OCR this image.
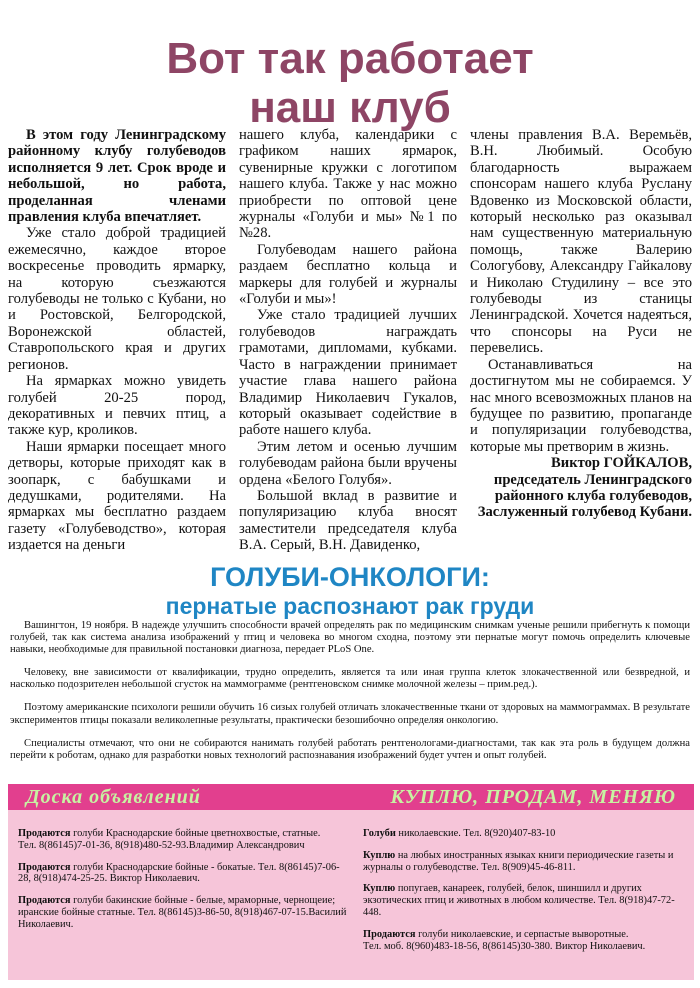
Вот так работает
наш клуб

В этом году Ленинградскому районному клубу голубеводов исполняется 9 лет. Срок вроде и небольшой, но работа, проделанная членами правления клуба впечатляет.

Уже стало доброй традицией ежемесячно, каждое второе воскресенье проводить ярмарку, на которую съезжаются голубеводы не только с Кубани, но и Ростовской, Белгородской, Воронежской областей, Ставропольского края и других регионов.

На ярмарках можно увидеть голубей 20-25 пород, декоративных и певчих птиц, а также кур, кроликов.

Наши ярмарки посещает много детворы, которые приходят как в зоопарк, с бабушками и дедушками, родителями. На ярмарках мы бесплатно раздаем газету «Голубеводство», которая издается на деньги

нашего клуба, календарики с графиком наших ярмарок, сувенирные кружки с логотипом нашего клуба. Также у нас можно приобрести по оптовой цене журналы «Голуби и мы» №1 по №28.

Голубеводам нашего района раздаем бесплатно кольца и маркеры для голубей и журналы «Голуби и мы»!

Уже стало традицией лучших голубеводов награждать грамотами, дипломами, кубками. Часто в награждении принимает участие глава нашего района Владимир Николаевич Гукалов, который оказывает содействие в работе нашего клуба.

Этим летом и осенью лучшим голубеводам района были вручены ордена «Белого Голубя».

Большой вклад в развитие и популяризацию клуба вносят заместители председателя клуба В.А. Серый, В.Н. Давиденко,

члены правления В.А. Веремьёв, В.Н. Любимый. Особую благодарность выражаем спонсорам нашего клуба Руслану Вдовенко из Московской области, который несколько раз оказывал нам существенную материальную помощь, также Валерию Сологубову, Александру Гайкалову и Николаю Студилину – все это голубеводы из станицы Ленинградской. Хочется надеяться, что спонсоры на Руси не перевелись.

Останавливаться на достигнутом мы не собираемся. У нас много всевозможных планов на будущее по развитию, пропаганде и популяризации голубеводства, которые мы претворим в жизнь.

Виктор ГОЙКАЛОВ,

председатель Ленинградского районного клуба голубеводов, Заслуженный голубевод Кубани.

ГОЛУБИ-ОНКОЛОГИ:
пернатые распознают рак груди

Вашингтон, 19 ноября. В надежде улучшить способности врачей определять рак по медицинским снимкам ученые решили прибегнуть к помощи голубей, так как система анализа изображений у птиц и человека во многом сходна, поэтому эти пернатые могут помочь определить ключевые навыки, необходимые для правильной постановки диагноза, передает PLoS One.

Человеку, вне зависимости от квалификации, трудно определить, является та или иная группа клеток злокачественной или безвредной, и насколько подозрителен небольшой сгусток на маммограмме (рентгеновском снимке молочной железы – прим.ред.).

Поэтому американские психологи решили обучить 16 сизых голубей отличать злокачественные ткани от здоровых на маммограммах. В результате экспериментов птицы показали великолепные результаты, практически безошибочно определяя онкологию.

Специалисты отмечают, что они не собираются нанимать голубей работать рентгенологами-диагностами, так как эта роль в будущем должна перейти к роботам, однако для разработки новых технологий распознавания изображений будет учтен и опыт голубей.

Доска объявлений	КУПЛЮ, ПРОДАМ, МЕНЯЮ
Продаются голуби Краснодарские бойные цветнохвостые, статные.
Тел. 8(86145)7-01-36, 8(918)480-52-93.Владимир Александрович
Продаются голуби Краснодарские бойные - бокатые. Тел. 8(86145)7-06-28, 8(918)474-25-25. Виктор Николаевич.
Продаются голуби бакинские бойные - белые, мраморные, чернощеие; иранские бойные статные. Тел. 8(86145)3-86-50, 8(918)467-07-15.Василий Николаевич.
Голуби николаевские. Тел. 8(920)407-83-10
Куплю на любых иностранных языках книги периодические газеты и журналы о голубеводстве. Тел. 8(909)45-46-811.
Куплю попугаев, канареек, голубей, белок, шиншилл и других экзотических птиц и животных в любом количестве. Тел. 8(918)47-72-448.
Продаются голуби николаевские, и серпастые выворотные.
Тел. моб. 8(960)483-18-56, 8(86145)30-380. Виктор Николаевич.
